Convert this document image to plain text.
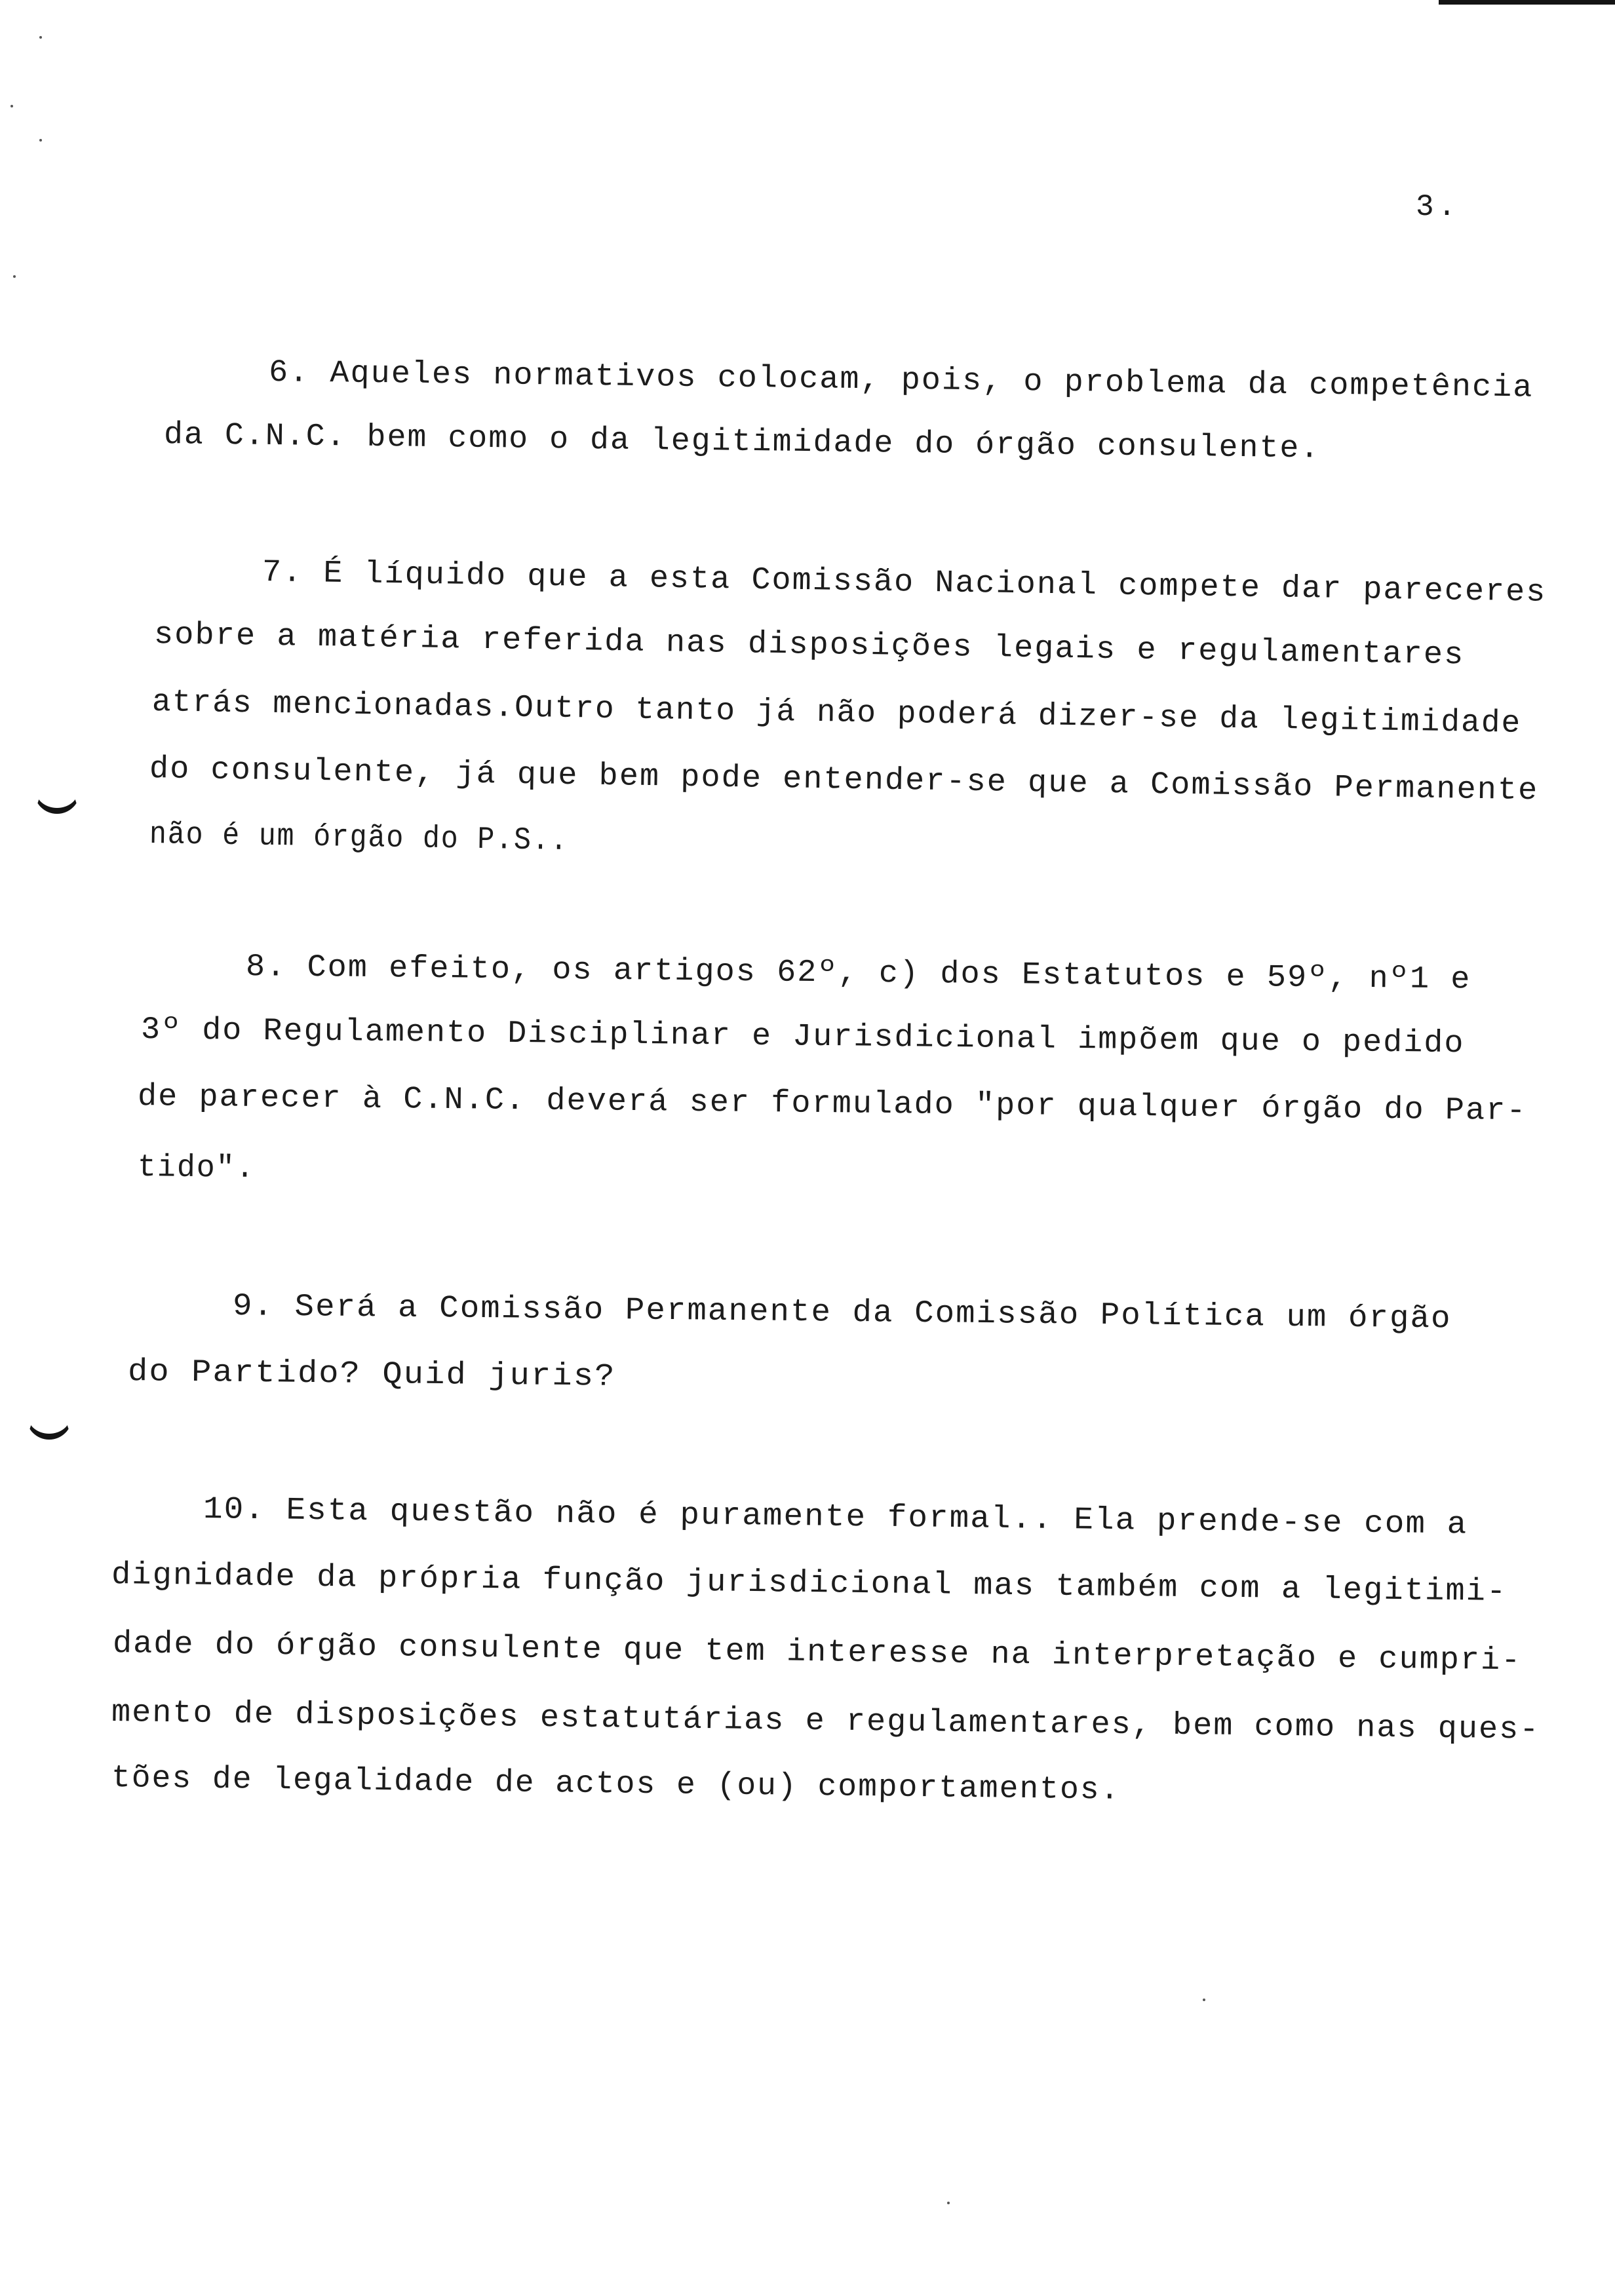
3.
6. Aqueles normativos colocam, pois, o problema da competência
da C.N.C. bem como o da legitimidade do órgão consulente.
7. É líquido que a esta Comissão Nacional compete dar pareceres
sobre a matéria referida nas disposições legais e regulamentares
atrás mencionadas.Outro tanto já não poderá dizer-se da legitimidade
do consulente, já que bem pode entender-se que a Comissão Permanente
não é um órgão do P.S..
8. Com efeito, os artigos 62º, c) dos Estatutos e 59º, nº1 e
3º do Regulamento Disciplinar e Jurisdicional impõem que o pedido
de parecer à C.N.C. deverá ser formulado "por qualquer órgão do Par-
tido".
9. Será a Comissão Permanente da Comissão Política um órgão
do Partido? Quid juris?
10. Esta questão não é puramente formal.. Ela prende-se com a
dignidade da própria função jurisdicional mas também com a legitimi-
dade do órgão consulente que tem interesse na interpretação e cumpri-
mento de disposições estatutárias e regulamentares, bem como nas ques-
tões de legalidade de actos e (ou) comportamentos.
